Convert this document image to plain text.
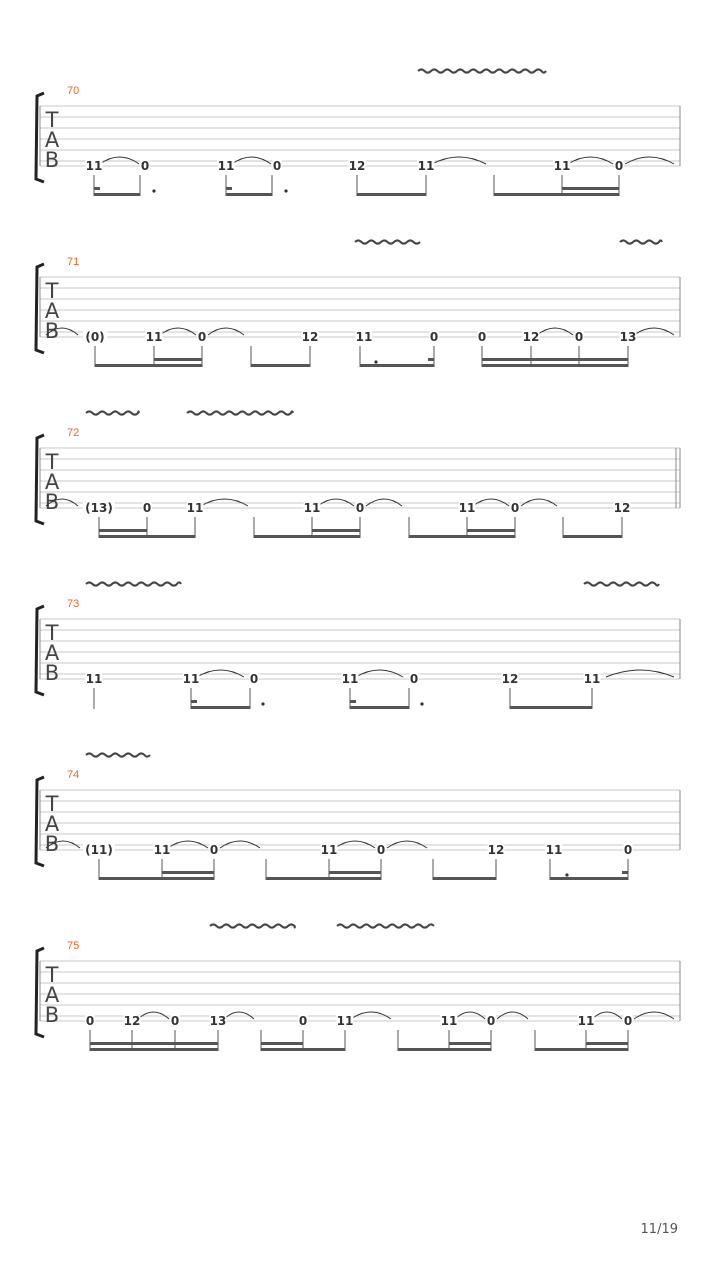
T
A
B
70
11	0	11	0	12	11	11	0
T
A
B
71
(0)	11	0	12	11	0	0	12	0	13
T
A
B
72
(13) 0	11	11	0	11	0	12
T
A
B
73
11	11	0	11	0	12	11
T
A
B
74
(11)	11	0	11	0	12	11	0
T
A
B
75
0 12	0	13	0 11	11 0	11 0
11/19
